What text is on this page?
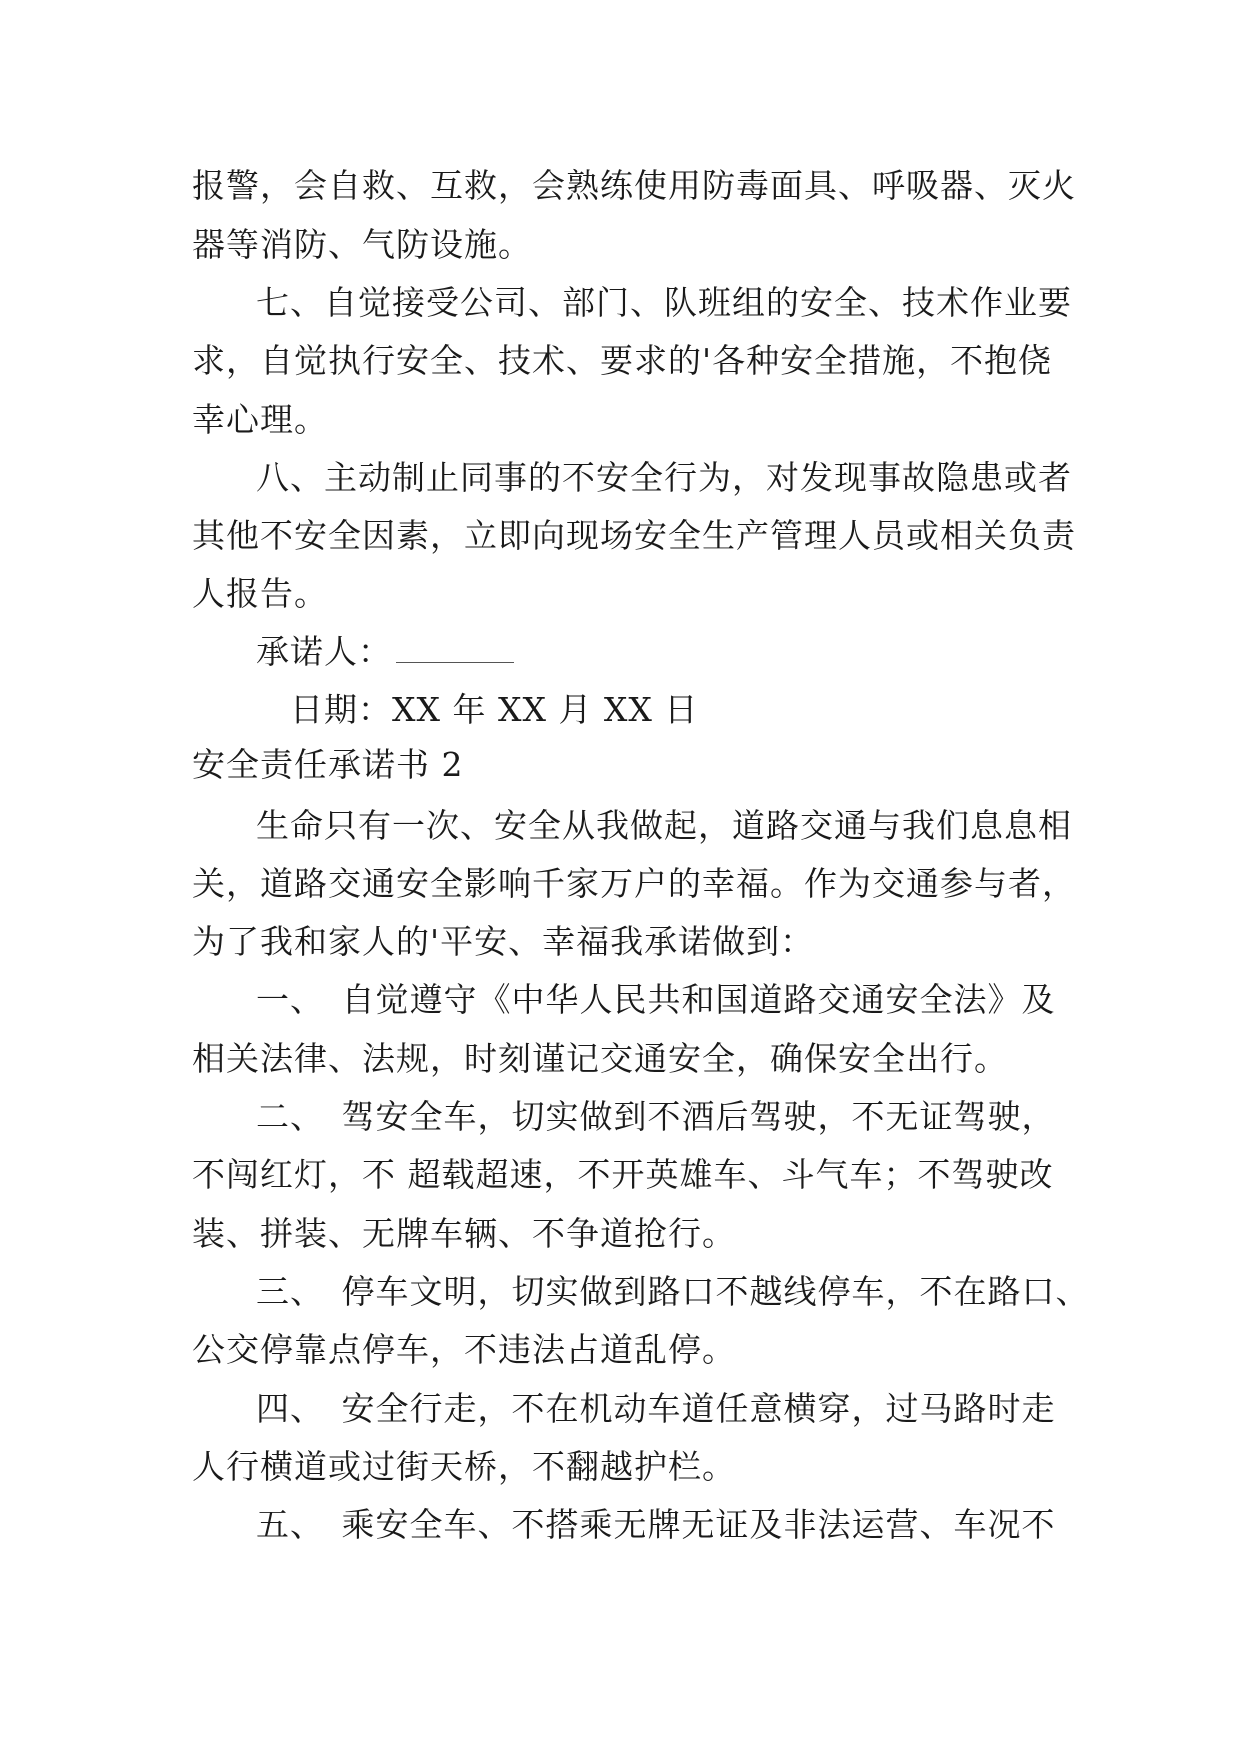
报警，会自救、互救，会熟练使用防毒面具、呼吸器、灭火
器等消防、气防设施。
七、自觉接受公司、部门、队班组的安全、技术作业要
求，自觉执行安全、技术、要求的'各种安全措施，不抱侥
幸心理。
八、主动制止同事的不安全行为，对发现事故隐患或者
其他不安全因素，立即向现场安全生产管理人员或相关负责
人报告。
承诺人：
日期：XX 年 XX 月 XX 日
安全责任承诺书 2
生命只有一次、安全从我做起，道路交通与我们息息相
关，道路交通安全影响千家万户的幸福。作为交通参与者，
为了我和家人的'平安、幸福我承诺做到：
一、　自觉遵守《中华人民共和国道路交通安全法》及
相关法律、法规，时刻谨记交通安全，确保安全出行。
二、　驾安全车，切实做到不酒后驾驶，不无证驾驶，
不闯红灯，不 超载超速，不开英雄车、斗气车；不驾驶改
装、拼装、无牌车辆、不争道抢行。
三、　停车文明，切实做到路口不越线停车，不在路口、
公交停靠点停车，不违法占道乱停。
四、　安全行走，不在机动车道任意横穿，过马路时走
人行横道或过街天桥，不翻越护栏。
五、　乘安全车、不搭乘无牌无证及非法运营、车况不
